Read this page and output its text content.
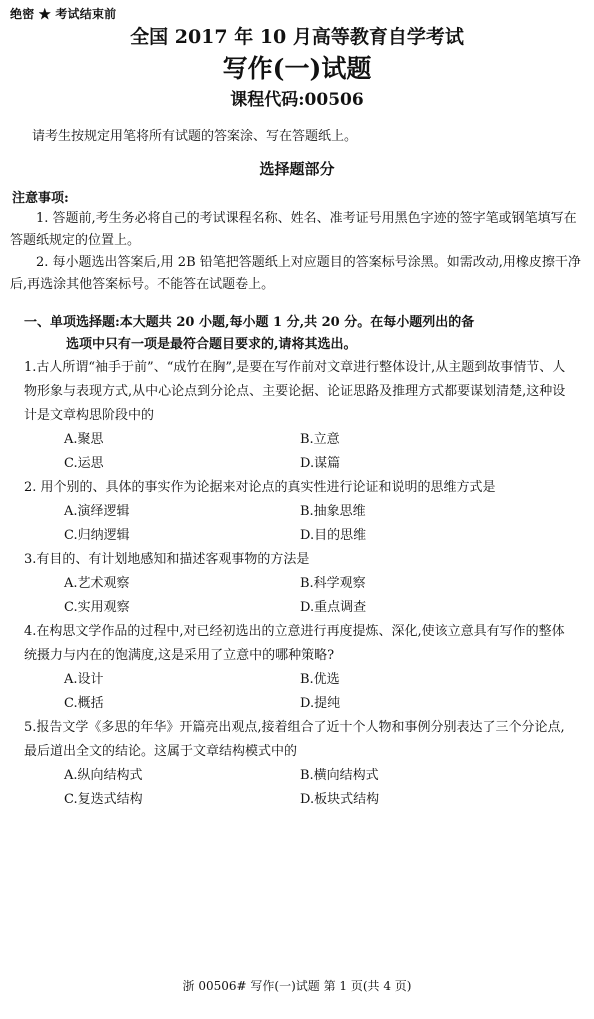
绝密 ★ 考试结束前
全国 2017 年 10 月高等教育自学考试
写作(一)试题
课程代码:00506
请考生按规定用笔将所有试题的答案涂、写在答题纸上。
选择题部分
注意事项:

1. 答题前,考生务必将自己的考试课程名称、姓名、准考证号用黑色字迹的签字笔或钢笔填写在答题纸规定的位置上。

2. 每小题选出答案后,用 2B 铅笔把答题纸上对应题目的答案标号涂黑。如需改动,用橡皮擦干净后,再选涂其他答案标号。不能答在试题卷上。

一、单项选择题:本大题共 20 小题,每小题 1 分,共 20 分。在每小题列出的备
选项中只有一项是最符合题目要求的,请将其选出。

1.古人所谓“袖手于前”、“成竹在胸”,是要在写作前对文章进行整体设计,从主题到故事情节、人物形象与表现方式,从中心论点到分论点、主要论据、论证思路及推理方式都要谋划清楚,这种设计是文章构思阶段中的

A.聚思	B.立意
C.运思	D.谋篇

2. 用个别的、具体的事实作为论据来对论点的真实性进行论证和说明的思维方式是

A.演绎逻辑	B.抽象思维
C.归纳逻辑	D.目的思维

3.有目的、有计划地感知和描述客观事物的方法是

A.艺术观察	B.科学观察
C.实用观察	D.重点调查

4.在构思文学作品的过程中,对已经初选出的立意进行再度提炼、深化,使该立意具有写作的整体统摄力与内在的饱满度,这是采用了立意中的哪种策略?

A.设计	B.优选
C.概括	D.提纯

5.报告文学《多思的年华》开篇亮出观点,接着组合了近十个人物和事例分别表达了三个分论点,最后道出全文的结论。这属于文章结构模式中的

A.纵向结构式	B.横向结构式
C.复迭式结构	D.板块式结构
浙 00506# 写作(一)试题 第 1 页(共 4 页)
